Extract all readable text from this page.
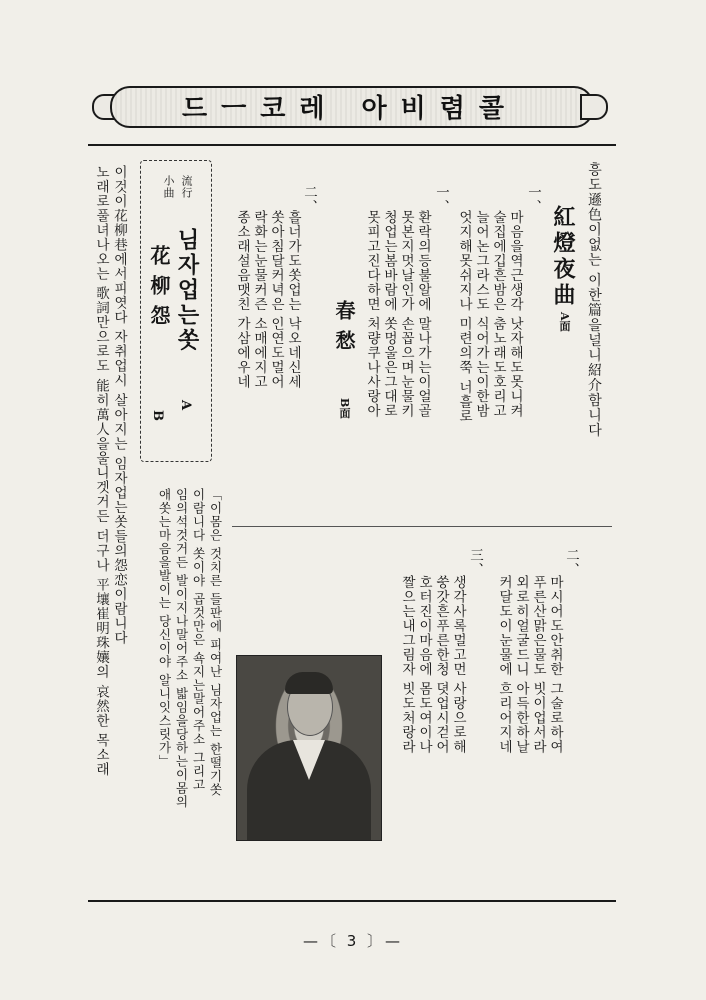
드ㅡ코레 아비렴콜
흥도遜色이없는 이한篇을널니紹介함니다
紅燈夜曲
A面
一、
마음을역근생각 낫자해도못니켜
술집에깁흔밤은 춤노래도호리고
늘어논그라스도 식어가는이한밤
엇지해못쉬지나 미련의쭉 너흘로
春愁
B面
一、
환락의등불알에 말나가는이얼골
못본지멋날인가 손꼽으며눈물키
청업는봄바람에 쏫멍울은그대로
못피고진다하면 처량쿠나사랑아
二、
흘너가도쏫업는 낙오네신세
쏫아침달커녁은 인연도멀어
락화는눈물커즌 소매에지고
종소래설음맷친 가삼에우네
流行
小曲
님자업는쏫
A
花柳怨
B
이것이花柳巷에서피엿다 자취업시 살아지는 임자업는쏫들의怨恋이람니다
노래로풀녀나오는 歌詞만으로도 能히萬人을울니겟거든 더구나 平壤崔明珠孃의 哀然한 목소래	二、
마시어도안취한 그술로하여
푸른산맑은물도 빗이업서라
외로히얼굴드니 아득한하날
커달도이눈물에 흐리어지네
三、
생각사록멀고먼 사랑으로해
쑹갓흔푸른한청 뎟업시걷어
호터진이마음에 몸도여이나
짤으는내그림자 빗도처랑라
「이몸은 것치른 들판에 피여난 님자업는 한떨기쏫
이람니다 쏫이야 곱것만은 쇽지는말어주소 그리고
임의석것거든 발이지나말어주소 밟임을당하는이몸의
애쏫는마음을발이는 당신이야 알니잇스릿가」
—〔 3 〕—
